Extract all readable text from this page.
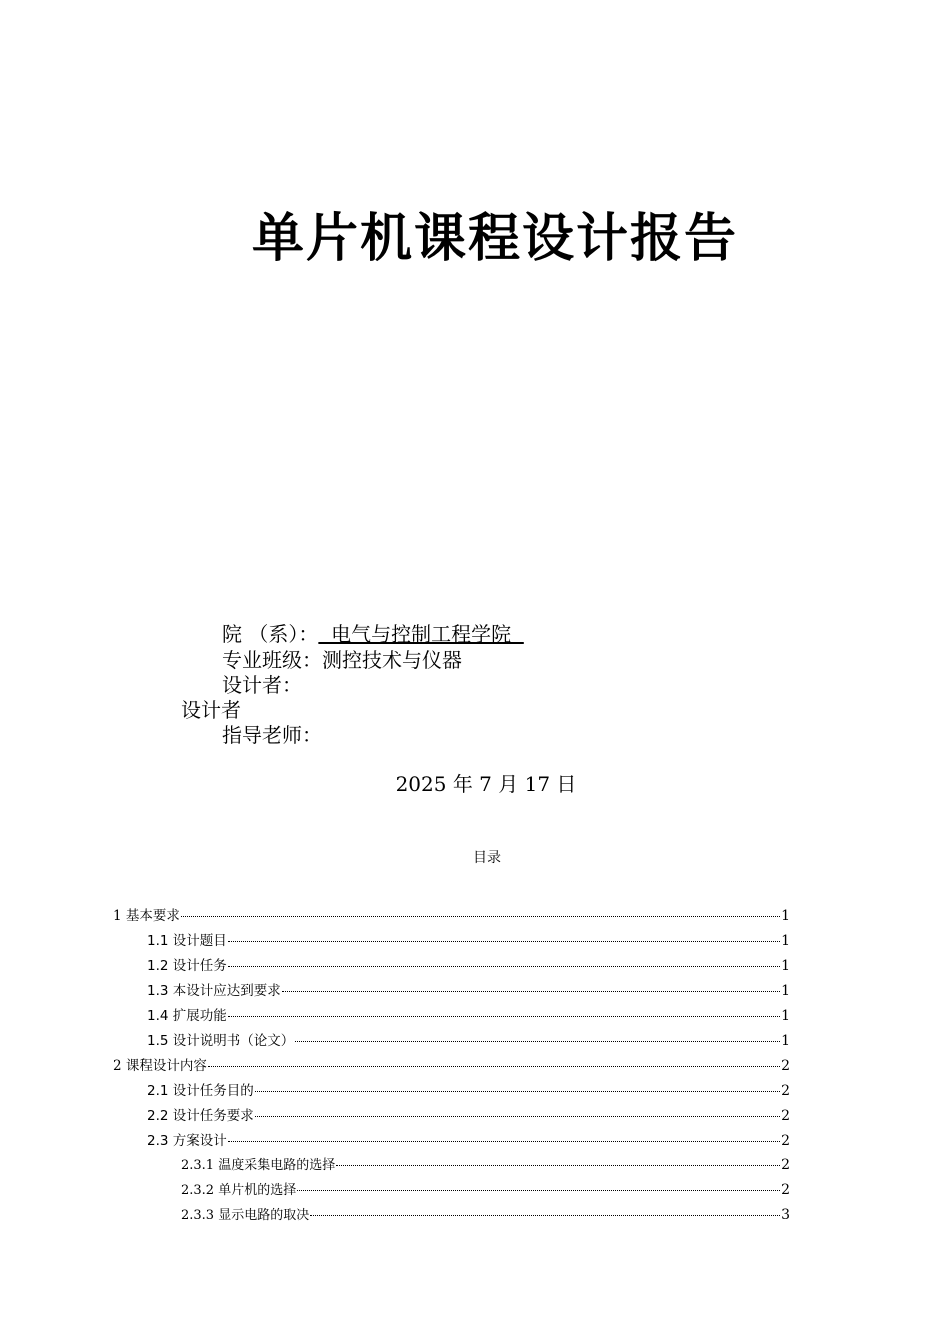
单片机课程设计报告
院 （系）：  电气与控制工程学院
专业班级：测控技术与仪器
设计者：
设计者
指导老师：
2025 年 7 月 17 日
目录
1 基本要求	1
1.1 设计题目	1
1.2 设计任务	1
1.3 本设计应达到要求	1
1.4 扩展功能	1
1.5 设计说明书（论文）	1
2 课程设计内容	2
2.1 设计任务目的	2
2.2 设计任务要求	2
2.3 方案设计	2
2.3.1 温度采集电路的选择	2
2.3.2 单片机的选择	2
2.3.3 显示电路的取决	3
